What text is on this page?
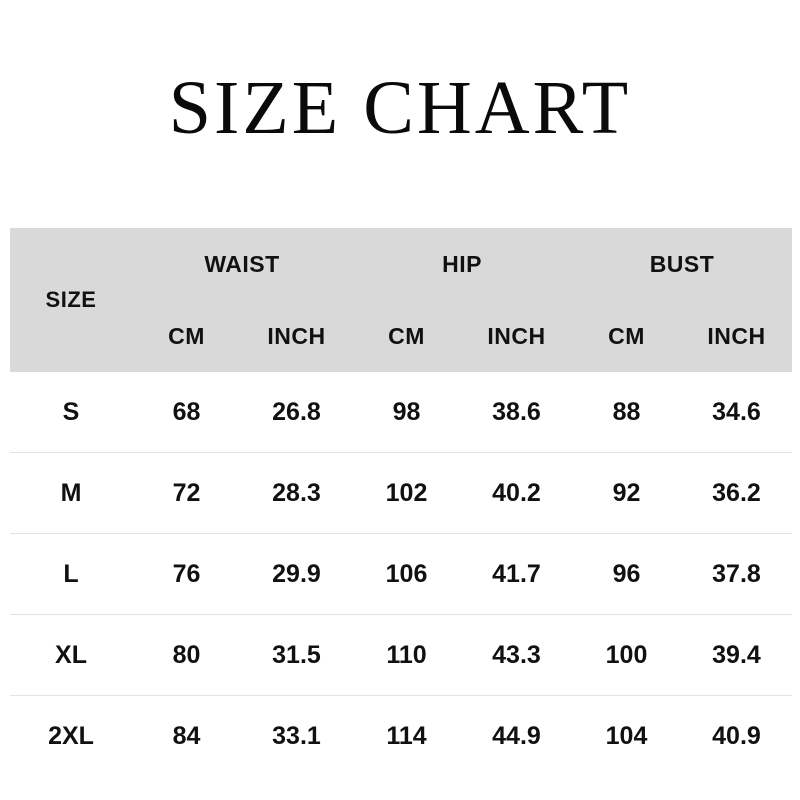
SIZE CHART
SIZE	WAIST		HIP		BUST	
	CM	INCH	CM	INCH	CM	INCH
S	68	26.8	98	38.6	88	34.6
M	72	28.3	102	40.2	92	36.2
L	76	29.9	106	41.7	96	37.8
XL	80	31.5	110	43.3	100	39.4
2XL	84	33.1	114	44.9	104	40.9
